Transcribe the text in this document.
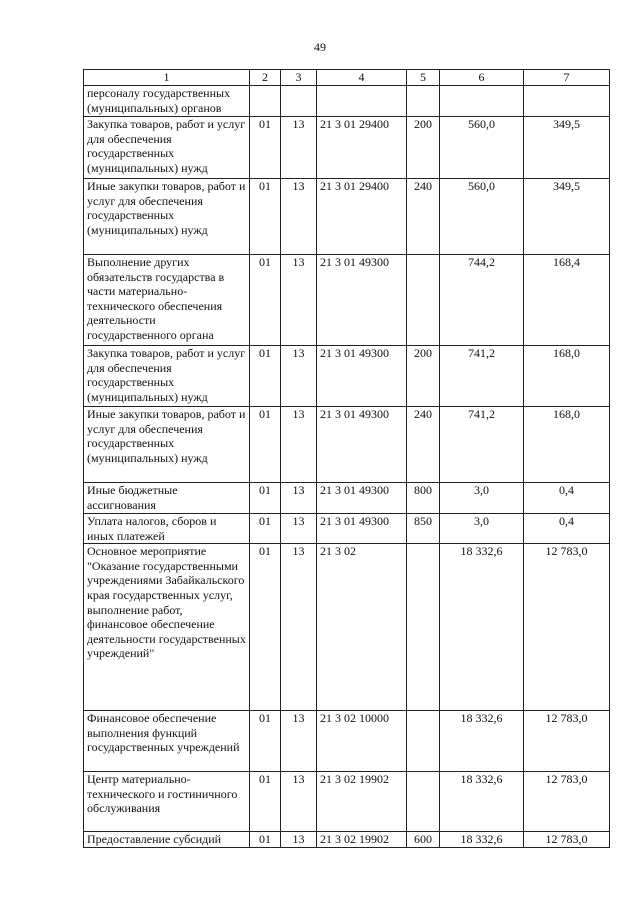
49
1	2	3	4	5	6	7
персоналу государственных (муниципальных) органов						
Закупка товаров, работ и услуг для обеспечения государственных (муниципальных) нужд	01	13	21 3 01 29400	200	560,0	349,5
Иные закупки товаров, работ и услуг для обеспечения государственных (муниципальных) нужд	01	13	21 3 01 29400	240	560,0	349,5
Выполнение других обязательств государства в части материально-технического обеспечения деятельности государственного органа	01	13	21 3 01 49300		744,2	168,4
Закупка товаров, работ и услуг для обеспечения государственных (муниципальных) нужд	01	13	21 3 01 49300	200	741,2	168,0
Иные закупки товаров, работ и услуг для обеспечения государственных (муниципальных) нужд	01	13	21 3 01 49300	240	741,2	168,0
Иные бюджетные ассигнования	01	13	21 3 01 49300	800	3,0	0,4
Уплата налогов, сборов и иных платежей	01	13	21 3 01 49300	850	3,0	0,4
Основное мероприятие "Оказание государственными учреждениями Забайкальского края государственных услуг, выполнение работ, финансовое обеспечение деятельности государственных учреждений"	01	13	21 3 02		18 332,6	12 783,0
Финансовое обеспечение выполнения функций государственных учреждений	01	13	21 3 02 10000		18 332,6	12 783,0
Центр материально-технического и гостиничного обслуживания	01	13	21 3 02 19902		18 332,6	12 783,0
Предоставление субсидий	01	13	21 3 02 19902	600	18 332,6	12 783,0
